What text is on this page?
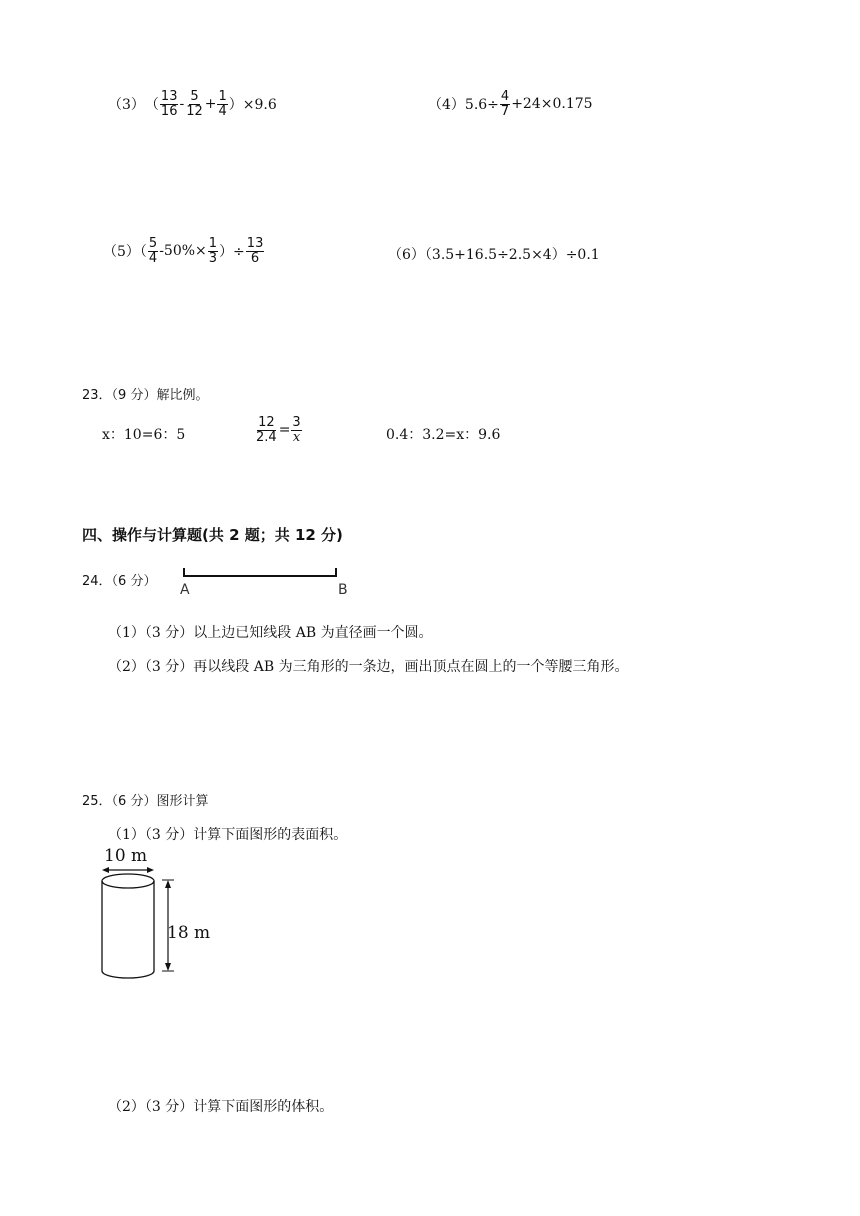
（3） （ $\frac{13}{16} - \frac{5}{12} + \frac{1}{4} )\times 9.6$	$(4)5.6\div \frac{4}{7} +24\times 0.175$
$(5)( \frac{5}{4} -50\%\times \frac{1}{3}$ ）÷ $\frac{13}{6}$	（6）（3.5+16.5÷2.5×4）÷0.1
23．（9 分）解比例。
x：10=6：5	$\frac{12}{2.4} = \frac{3}{x}$	0.4：3.2=x：9.6
四、操作与计算题(共 2 题；共 12 分)
24．（6 分）
A	B
（1）（3 分）以上边已知线段 AB 为直径画一个圆。
（2）（3 分）再以线段 AB 为三角形的一条边，画出顶点在圆上的一个等腰三角形。
25．（6 分）图形计算
（1）（3 分）计算下面图形的表面积。
10 m
18 m
（2）（3 分）计算下面图形的体积。
